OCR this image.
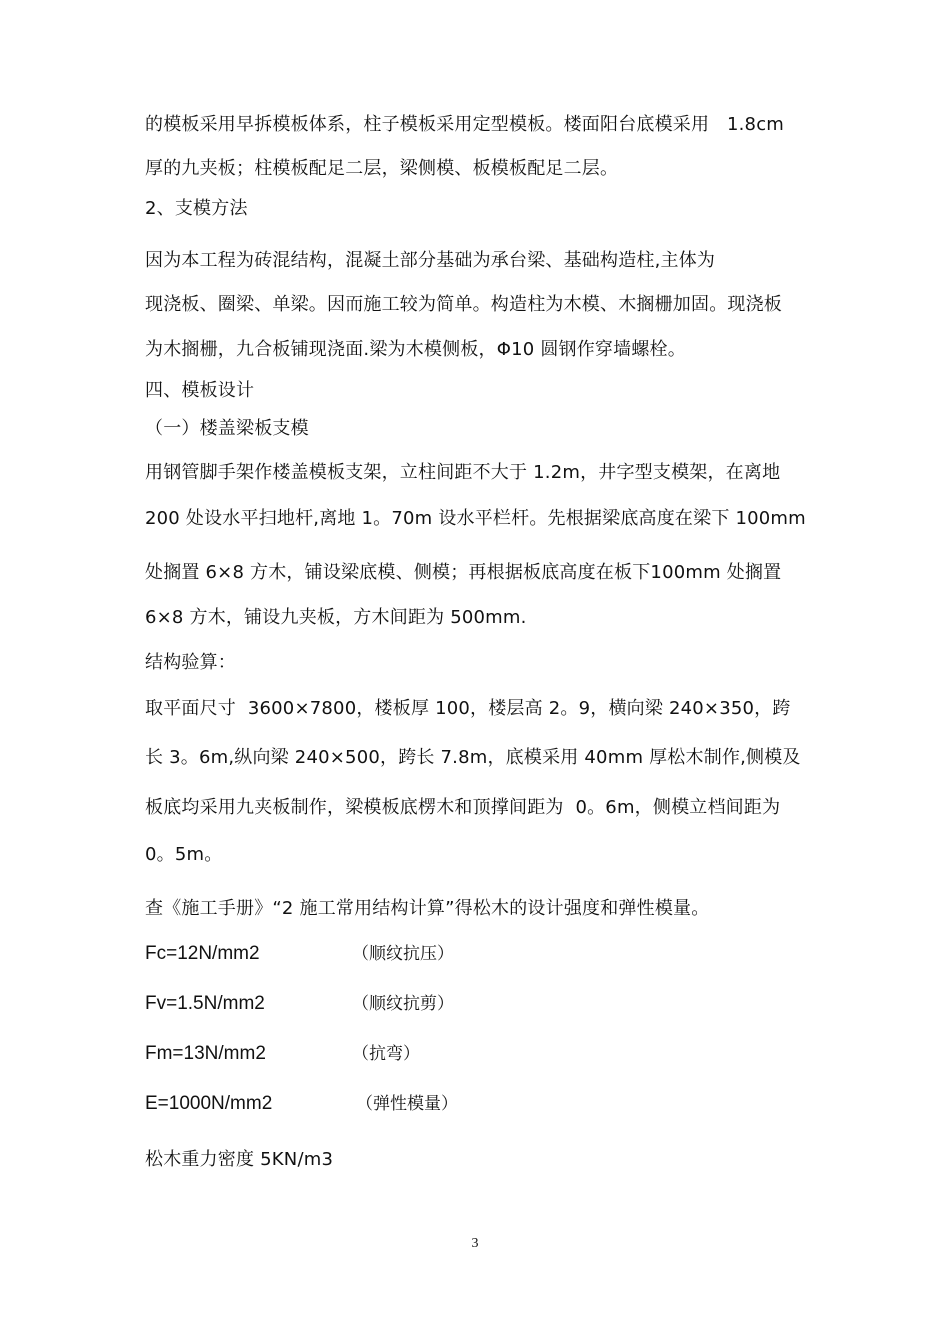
的模板采用早拆模板体系，柱子模板采用定型模板。楼面阳台底模采用   1.8cm
厚的九夹板；柱模板配足二层，梁侧模、板模板配足二层。
2、支模方法
因为本工程为砖混结构，混凝土部分基础为承台梁、基础构造柱,主体为
现浇板、圈梁、单梁。因而施工较为简单。构造柱为木模、木搁栅加固。现浇板
为木搁栅，九合板铺现浇面.梁为木模侧板，Φ10 圆钢作穿墙螺栓。
四、模板设计
（一）楼盖梁板支模
用钢管脚手架作楼盖模板支架，立柱间距不大于 1.2m，井字型支模架，在离地
200 处设水平扫地杆,离地 1。70m 设水平栏杆。先根据梁底高度在梁下 100mm
处搁置 6×8 方木，铺设梁底模、侧模；再根据板底高度在板下100mm 处搁置
6×8 方木，铺设九夹板，方木间距为 500mm.
结构验算：
取平面尺寸  3600×7800，楼板厚 100，楼层高 2。9，横向梁 240×350，跨
长 3。6m,纵向梁 240×500，跨长 7.8m，底模采用 40mm 厚松木制作,侧模及
板底均采用九夹板制作，梁模板底楞木和顶撑间距为  0。6m，侧模立档间距为
0。5m。
查《施工手册》“2 施工常用结构计算”得松木的设计强度和弹性模量。
Fc=12N/mm2	（顺纹抗压）
Fv=1.5N/mm2	（顺纹抗剪）
Fm=13N/mm2	（抗弯）
E=1000N/mm2	（弹性模量）
松木重力密度 5KN/m3
3
